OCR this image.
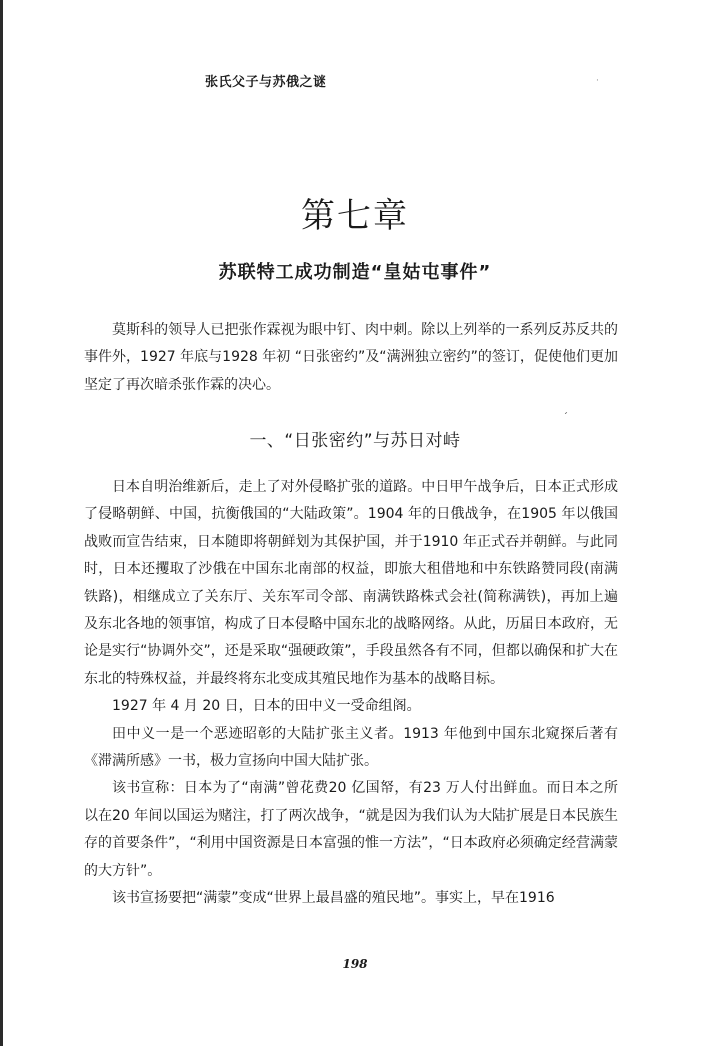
张氏父子与苏俄之谜	·
第七章
苏联特工成功制造“皇姑屯事件”

莫斯科的领导人已把张作霖视为眼中钉、肉中刺。除以上列举的一系列反苏反共的事件外，1927 年底与1928 年初 “日张密约”及“满洲独立密约”的签订，促使他们更加坚定了再次暗杀张作霖的决心。

ˊ
一、“日张密约”与苏日对峙

日本自明治维新后，走上了对外侵略扩张的道路。中日甲午战争后，日本正式形成了侵略朝鲜、中国，抗衡俄国的“大陆政策”。1904 年的日俄战争，在1905 年以俄国战败而宣告结束，日本随即将朝鲜划为其保护国，并于1910 年正式吞并朝鲜。与此同时，日本还攫取了沙俄在中国东北南部的权益，即旅大租借地和中东铁路赞同段(南满铁路)，相继成立了关东厅、关东军司令部、南满铁路株式会社(简称满铁)，再加上遍及东北各地的领事馆，构成了日本侵略中国东北的战略网络。从此，历届日本政府，无论是实行“协调外交”，还是采取“强硬政策”，手段虽然各有不同，但都以确保和扩大在东北的特殊权益，并最终将东北变成其殖民地作为基本的战略目标。

1927 年 4 月 20 日，日本的田中义一受命组阁。

田中义一是一个恶迹昭彰的大陆扩张主义者。1913 年他到中国东北窥探后著有《滞满所感》一书，极力宣扬向中国大陆扩张。

该书宣称：日本为了“南满”曾花费20 亿国帑，有23 万人付出鲜血。而日本之所以在20 年间以国运为赌注，打了两次战争，“就是因为我们认为大陆扩展是日本民族生存的首要条件”，“利用中国资源是日本富强的惟一方法”，“日本政府必须确定经营满蒙的大方针”。

该书宣扬要把“满蒙”变成“世界上最昌盛的殖民地”。事实上，早在1916

198
